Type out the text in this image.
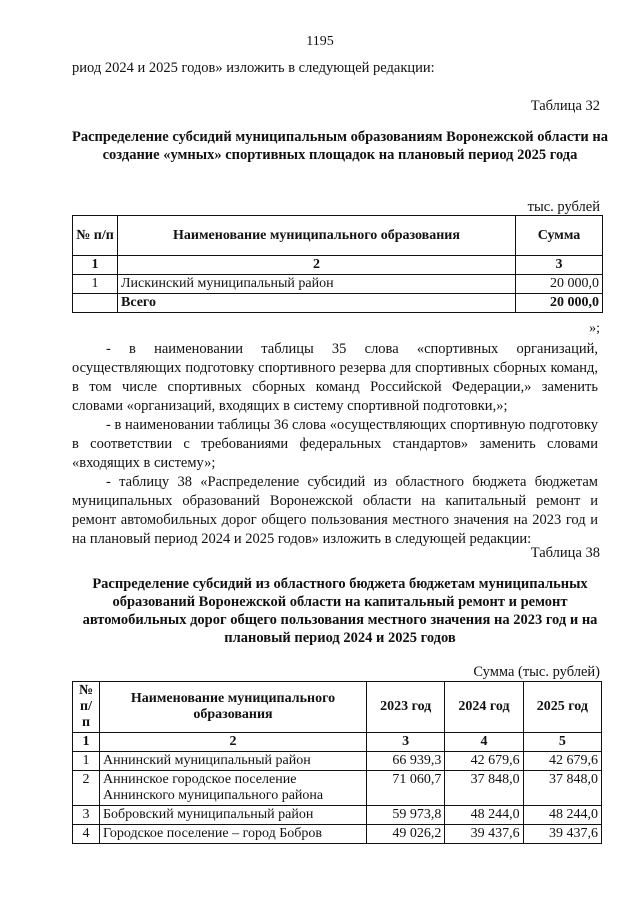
1195
риод 2024 и 2025 годов» изложить в следующей редакции:
Таблица 32
Распределение субсидий муниципальным образованиям Воронежской области на создание «умных» спортивных площадок на плановый период 2025 года
тыс. рублей
№ п/п	Наименование муниципального образования	Сумма
1	2	3
1	Лискинский муниципальный район	20 000,0
	Всего	20 000,0
»;

- в наименовании таблицы 35 слова «спортивных организаций, осуществляющих подготовку спортивного резерва для спортивных сборных команд, в том числе спортивных сборных команд Российской Федерации,» заменить словами «организаций, входящих в систему спортивной подготовки,»;

- в наименовании таблицы 36 слова «осуществляющих спортивную подготовку в соответствии с требованиями федеральных стандартов» заменить словами «входящих в систему»;

- таблицу 38 «Распределение субсидий из областного бюджета бюджетам муниципальных образований Воронежской области на капитальный ремонт и ремонт автомобильных дорог общего пользования местного значения на 2023 год и на плановый период 2024 и 2025 годов» изложить в следующей редакции:

Таблица 38
Распределение субсидий из областного бюджета бюджетам муниципальных образований Воронежской области на капитальный ремонт и ремонт автомобильных дорог общего пользования местного значения на 2023 год и на плановый период 2024 и 2025 годов
Сумма (тыс. рублей)
№ п/п	Наименование муниципального образования	2023 год	2024 год	2025 год
1	2	3	4	5
1	Аннинский муниципальный район	66 939,3	42 679,6	42 679,6
2	Аннинское городское поселение Аннинского муниципального района	71 060,7	37 848,0	37 848,0
3	Бобровский муниципальный район	59 973,8	48 244,0	48 244,0
4	Городское поселение – город Бобров	49 026,2	39 437,6	39 437,6
